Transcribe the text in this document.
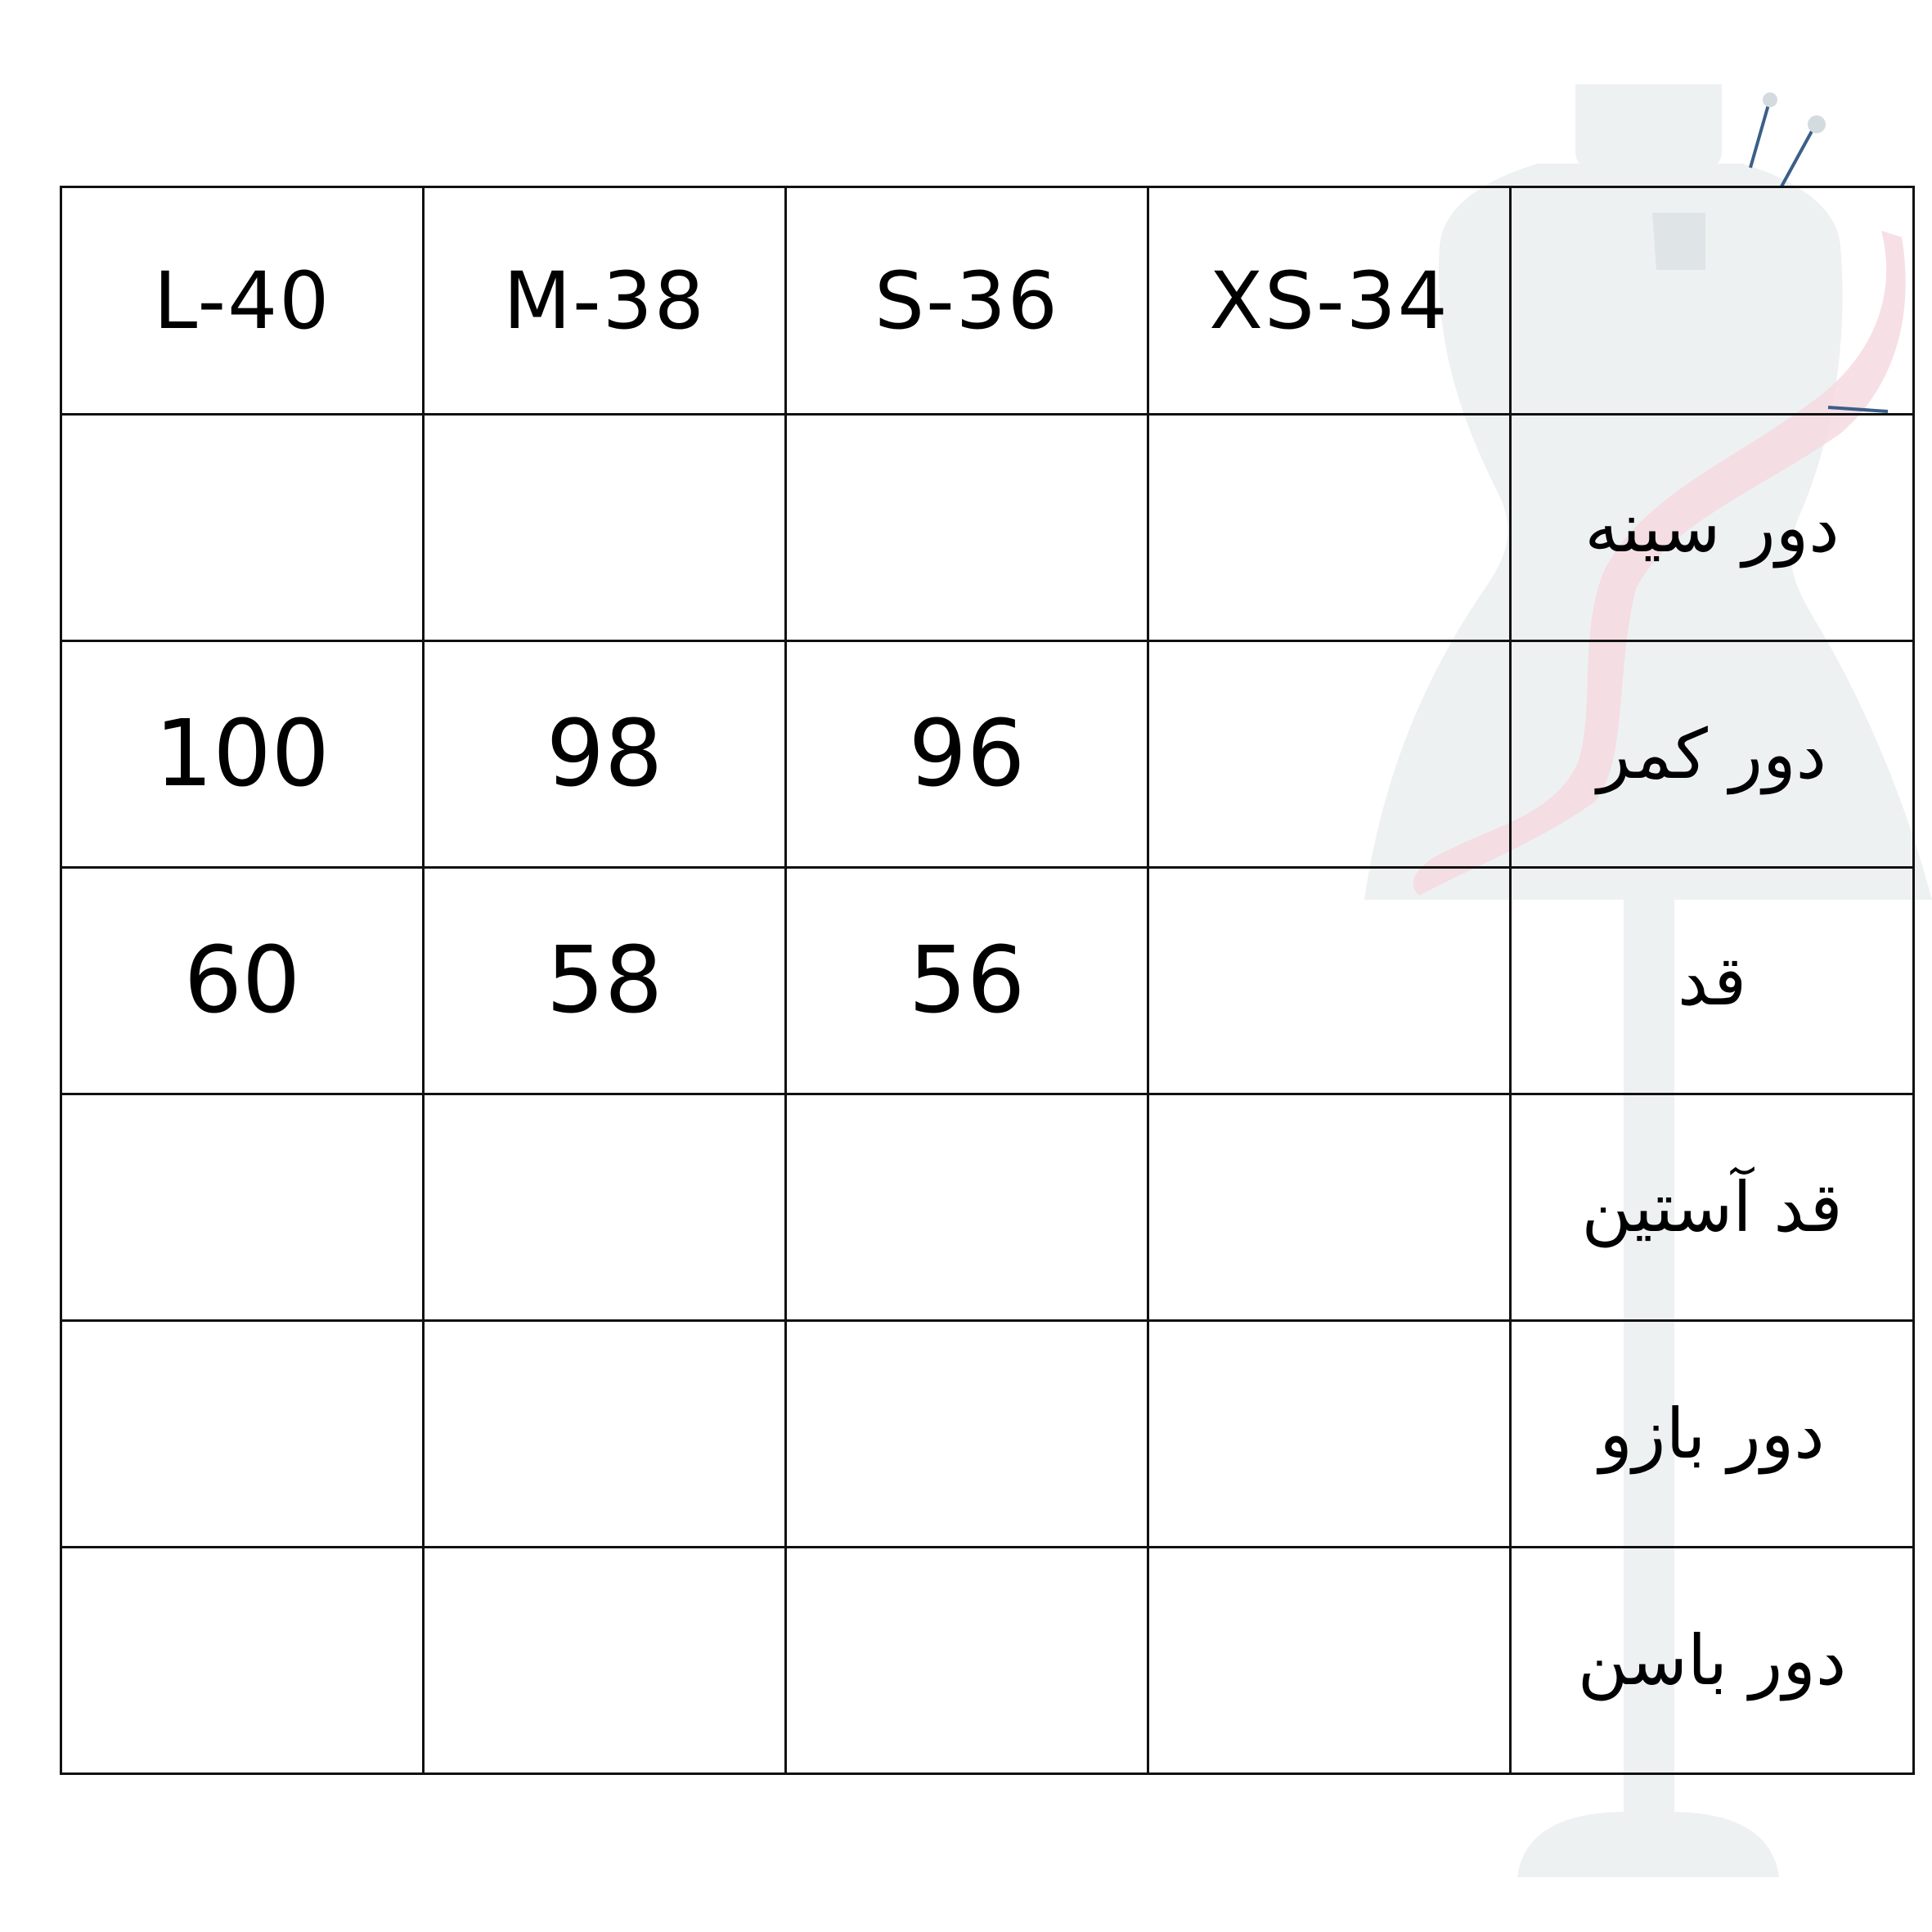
L-40	M-38	S-36	XS-34	
				دور سینه
100	98	96		دور کمر
60	58	56		قد
				قد آستین
				دور بازو
				دور باسن
